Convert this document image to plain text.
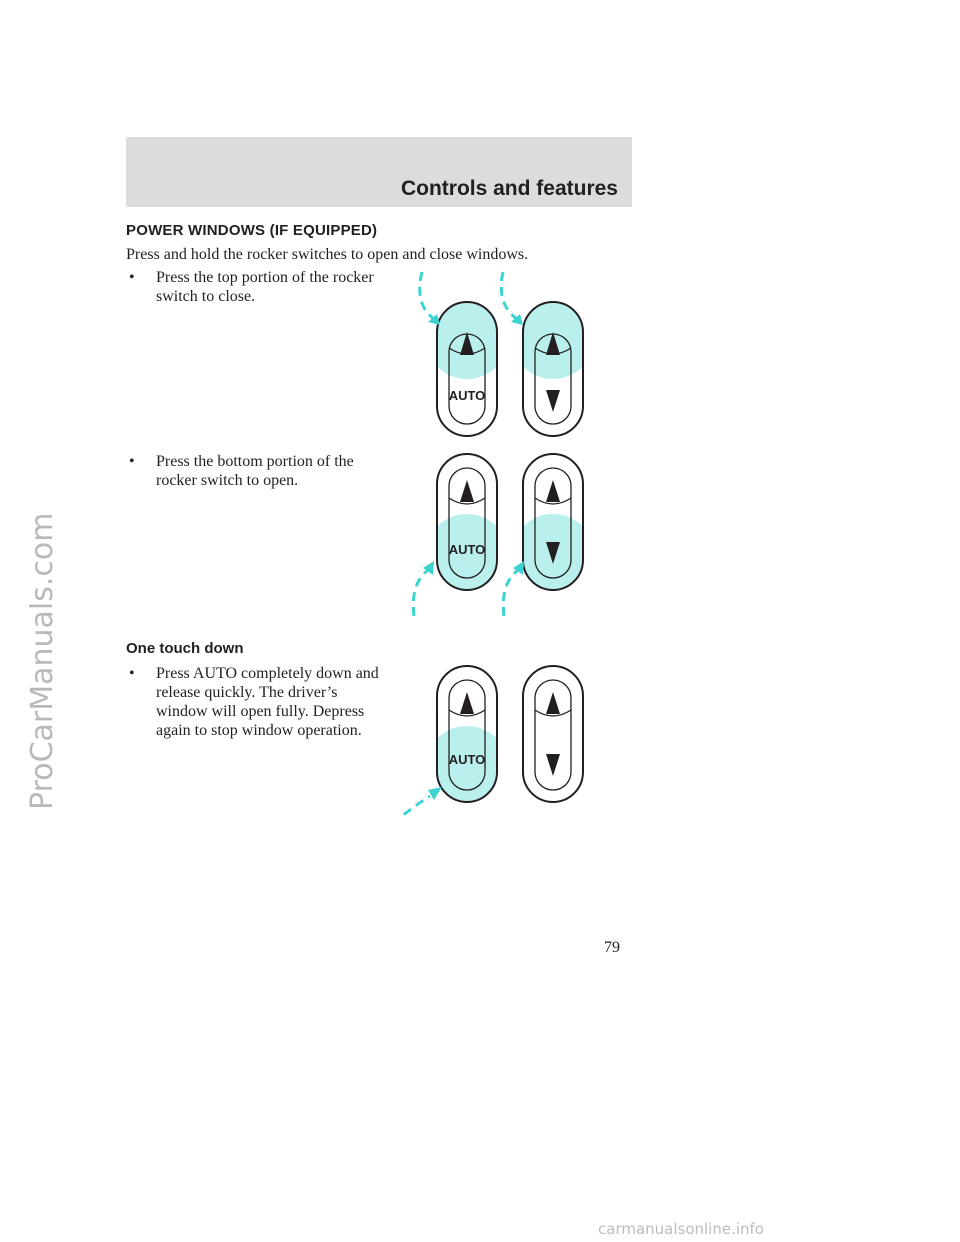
ProCarManuals.com
Controls and features
POWER WINDOWS (IF EQUIPPED)

Press and hold the rocker switches to open and close windows.

•	Press the top portion of the rocker switch to close.
•	Press the bottom portion of the rocker switch to open.
One touch down
•	Press AUTO completely down and release quickly. The driver’s window will open fully. Depress again to stop window operation.
AUTO
AUTO
AUTO
79
carmanualsonline.info
